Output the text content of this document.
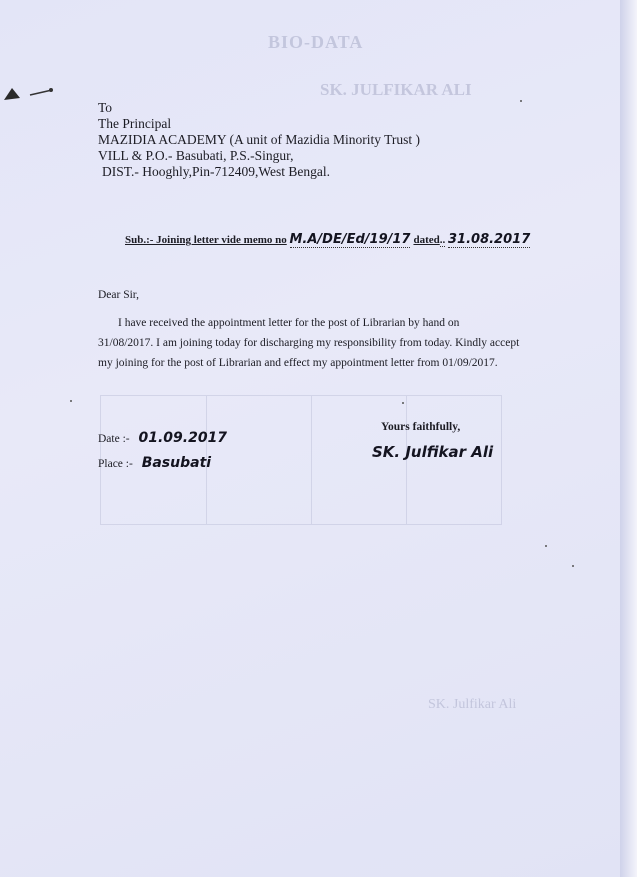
BIO-DATA
SK. JULFIKAR ALI
SK. Julfikar Ali
To
The Principal
MAZIDIA ACADEMY (A unit of Mazidia Minority Trust )
VILL & P.O.- Basubati, P.S.-Singur,
DIST.- Hooghly,Pin-712409,West Bengal.
Sub.:- Joining letter vide memo no M.A/DE/Ed/19/17 dated.. 31.08.2017
Dear Sir,
I have received the appointment letter for the post of Librarian by hand on
31/08/2017. I am joining today for discharging my responsibility from today. Kindly accept
my joining for the post of Librarian and effect my appointment letter from 01/09/2017.
Yours faithfully,
SK. Julfikar Ali
Date :- 01.09.2017
Place :- Basubati
